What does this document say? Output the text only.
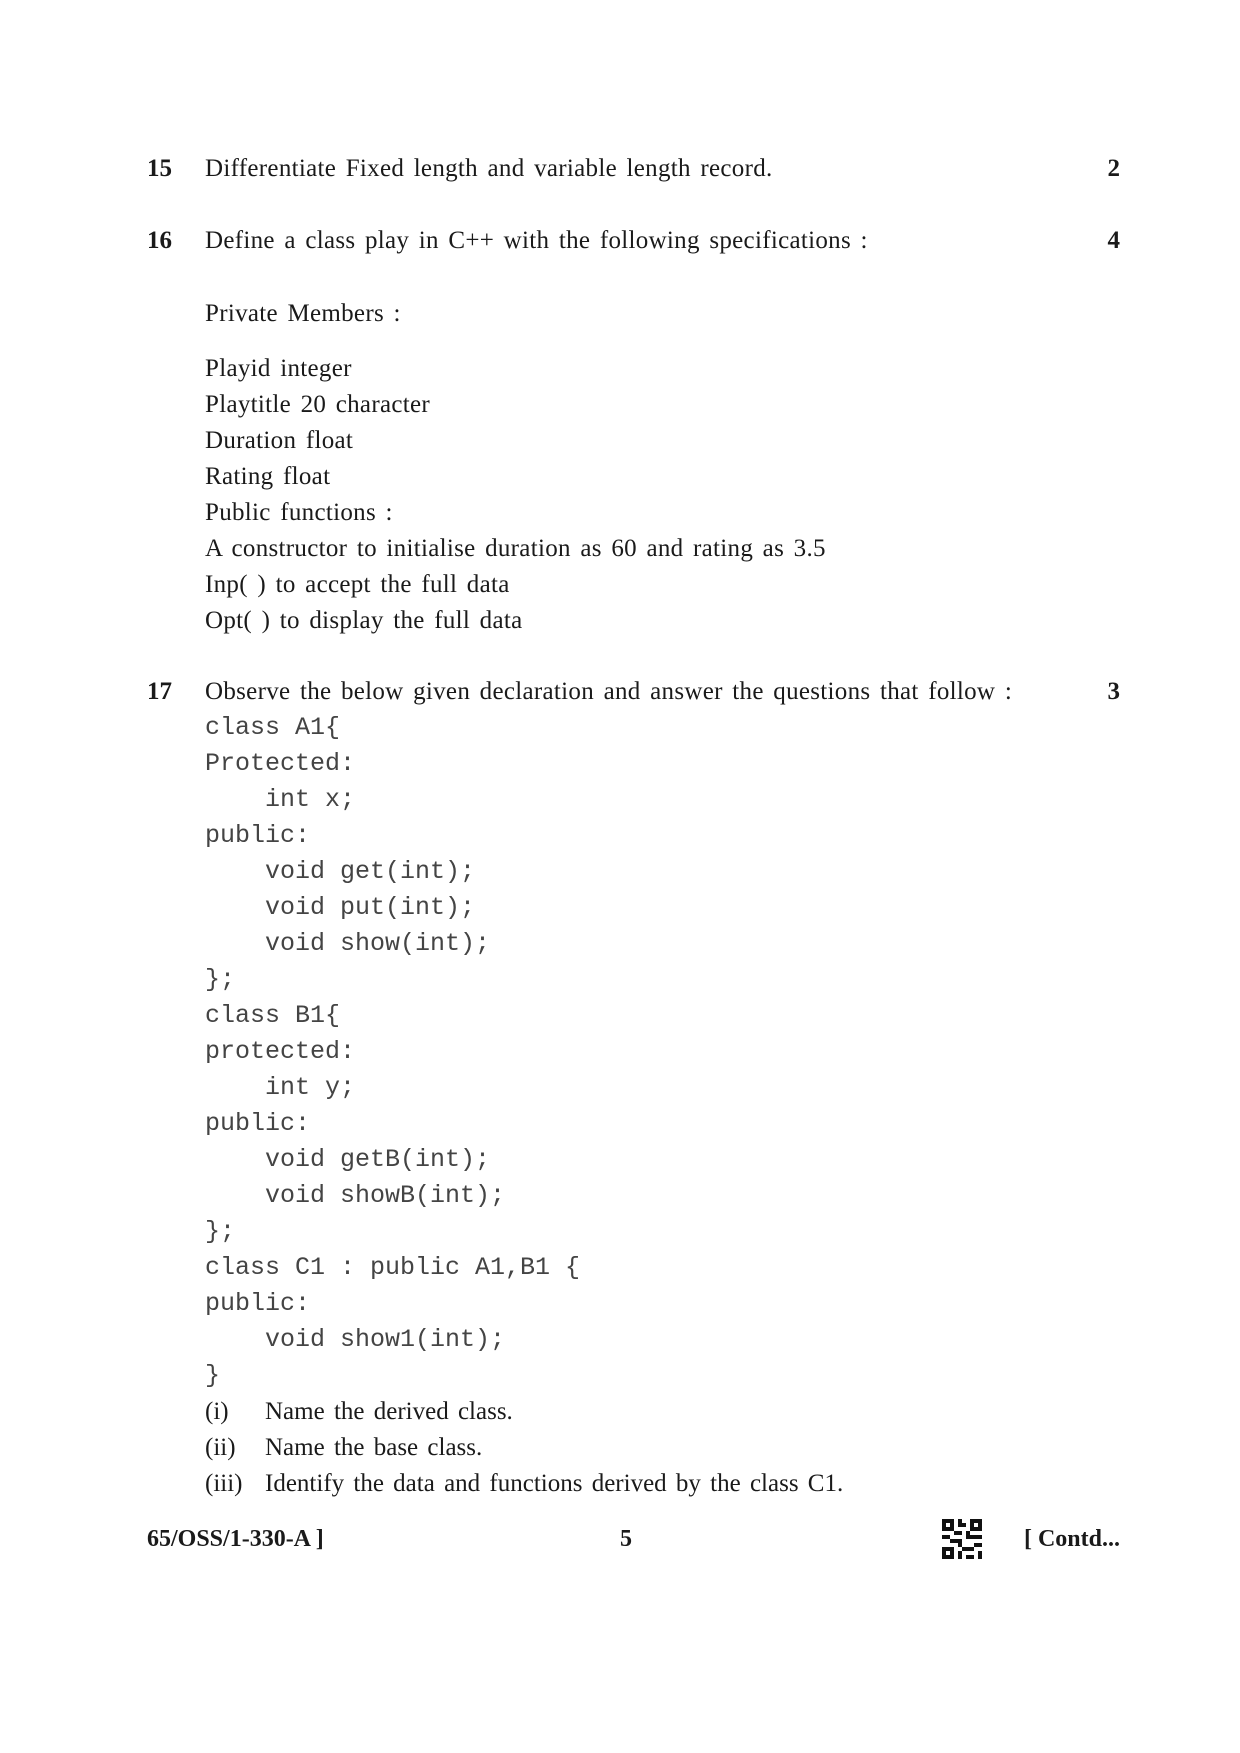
15 Differentiate Fixed length and variable length record.	2
16 Define a class play in C++ with the following specifications :	4
Private Members :
Playid integer
Playtitle 20 character
Duration float
Rating float
Public functions :
A constructor to initialise duration as 60 and rating as 3.5
Inp( ) to accept the full data
Opt( ) to display the full data
17 Observe the below given declaration and answer the questions that follow :	3
class A1{
Protected:
int x;
public:
void get(int);
void put(int);
void show(int);
};
class B1{
protected:
int y;
public:
void getB(int);
void showB(int);
};
class C1 : public A1,B1 {
public:
void show1(int);
}
(i) Name the derived class.
(ii) Name the base class.
(iii) Identify the data and functions derived by the class C1.
65/OSS/1-330-A ]	5	[ Contd...
